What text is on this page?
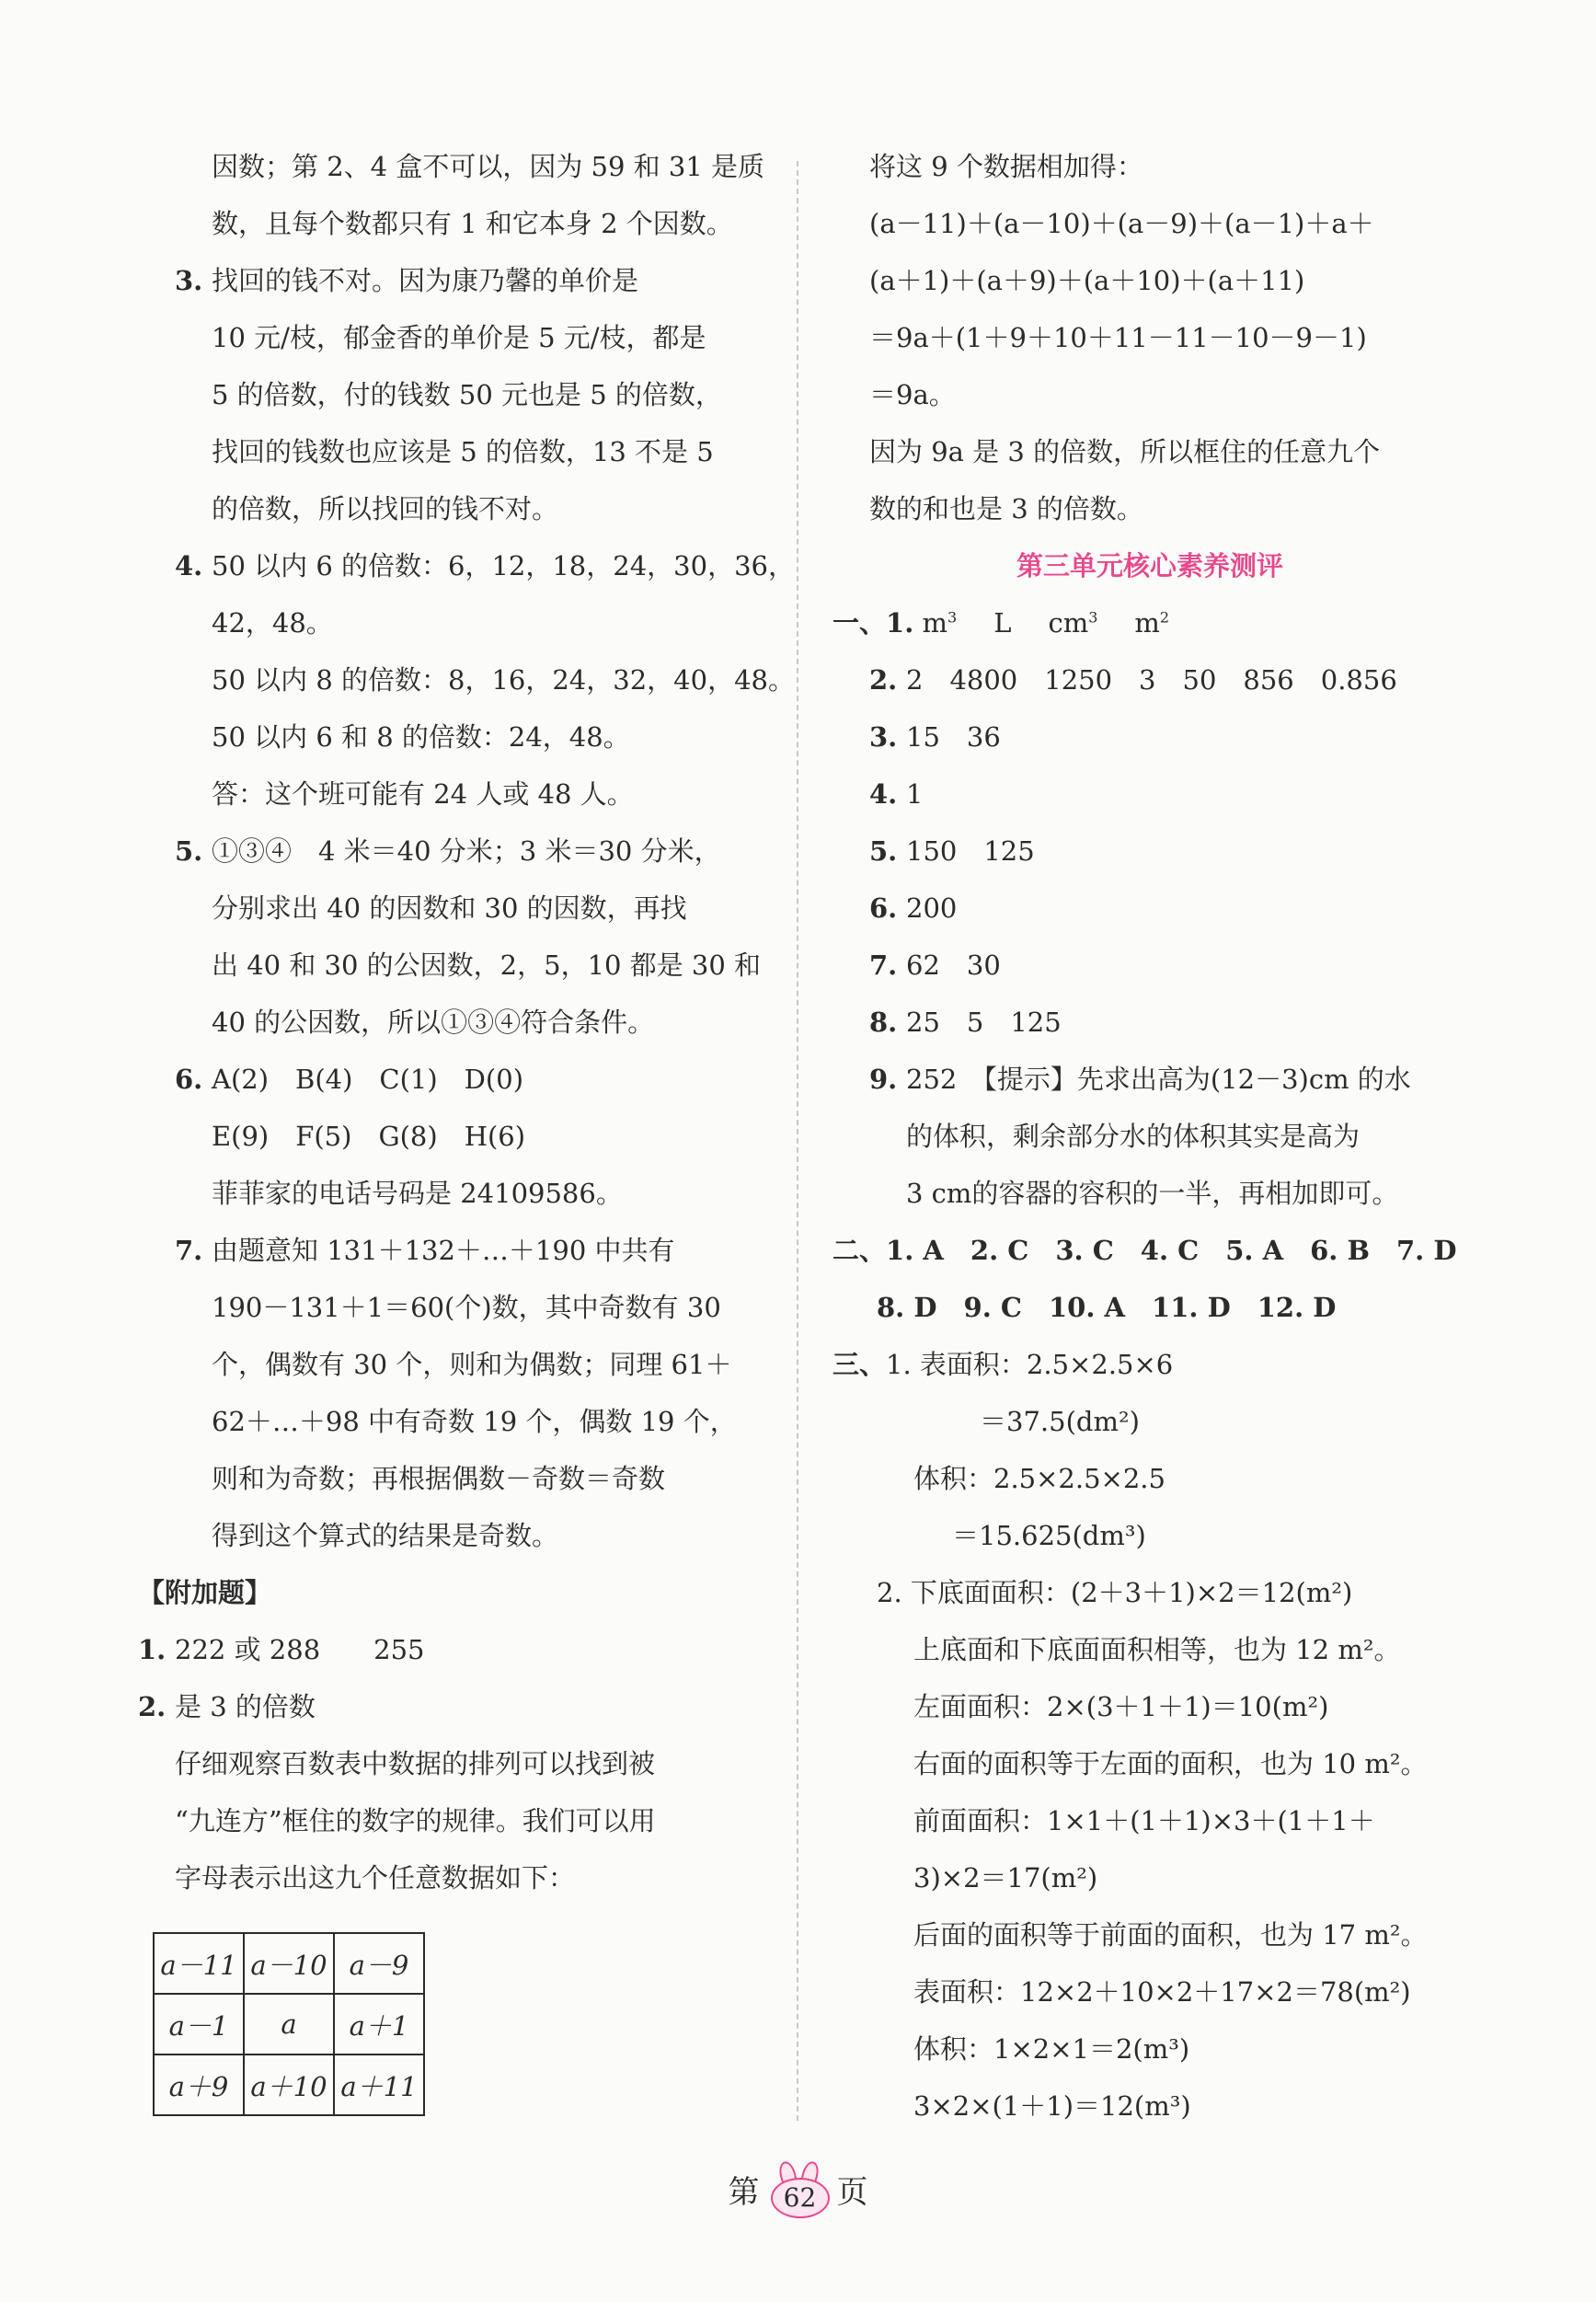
因数；第 2、4 盒不可以，因为 59 和 31 是质
数，且每个数都只有 1 和它本身 2 个因数。
3. 找回的钱不对。因为康乃馨的单价是
10 元/枝，郁金香的单价是 5 元/枝，都是
5 的倍数，付的钱数 50 元也是 5 的倍数，
找回的钱数也应该是 5 的倍数，13 不是 5
的倍数，所以找回的钱不对。
4. 50 以内 6 的倍数：6，12，18，24，30，36，
42，48。
50 以内 8 的倍数：8，16，24，32，40，48。
50 以内 6 和 8 的倍数：24，48。
答：这个班可能有 24 人或 48 人。
5. ①③④　4 米＝40 分米；3 米＝30 分米，
分别求出 40 的因数和 30 的因数，再找
出 40 和 30 的公因数，2，5，10 都是 30 和
40 的公因数，所以①③④符合条件。
6. A(2)　B(4)　C(1)　D(0)
E(9)　F(5)　G(8)　H(6)
菲菲家的电话号码是 24109586。
7. 由题意知 131＋132＋…＋190 中共有
190－131＋1＝60(个)数，其中奇数有 30
个，偶数有 30 个，则和为偶数；同理 61＋
62＋…＋98 中有奇数 19 个，偶数 19 个，
则和为奇数；再根据偶数－奇数＝奇数
得到这个算式的结果是奇数。
【附加题】
1. 222 或 288　　255
2. 是 3 的倍数
仔细观察百数表中数据的排列可以找到被
“九连方”框住的数字的规律。我们可以用
字母表示出这九个任意数据如下：
a－11	a－10	a－9
a－1	a	a＋1
a＋9	a＋10	a＋11
将这 9 个数据相加得：
(a－11)＋(a－10)＋(a－9)＋(a－1)＋a＋
(a＋1)＋(a＋9)＋(a＋10)＋(a＋11)
＝9a＋(1＋9＋10＋11－11－10－9－1)
＝9a。
因为 9a 是 3 的倍数，所以框住的任意九个
数的和也是 3 的倍数。
第三单元核心素养测评
一、1. $m^3$ L $cm^3$ $m^2$
2. 2　4800　1250　3　50　856　0.856
3. 15　36
4. 1
5. 150　125
6. 200
7. 62　30
8. 25　5　125
9. 252　【提示】先求出高为(12－3)cm 的水
的体积，剩余部分水的体积其实是高为
3 cm的容器的容积的一半，再相加即可。
二、1. A　2. C　3. C　4. C　5. A　6. B　7. D
8. D　9. C　10. A　11. D　12. D
三、1. 表面积：2.5×2.5×6
＝37.5(dm²)
体积：2.5×2.5×2.5
＝15.625(dm³)
2. 下底面面积：(2＋3＋1)×2＝12(m²)
上底面和下底面面积相等，也为 12 m²。
左面面积：2×(3＋1＋1)＝10(m²)
右面的面积等于左面的面积，也为 10 m²。
前面面积：1×1＋(1＋1)×3＋(1＋1＋
3)×2＝17(m²)
后面的面积等于前面的面积，也为 17 m²。
表面积：12×2＋10×2＋17×2＝78(m²)
体积：1×2×1＝2(m³)
3×2×(1＋1)＝12(m³)
第 62 页
